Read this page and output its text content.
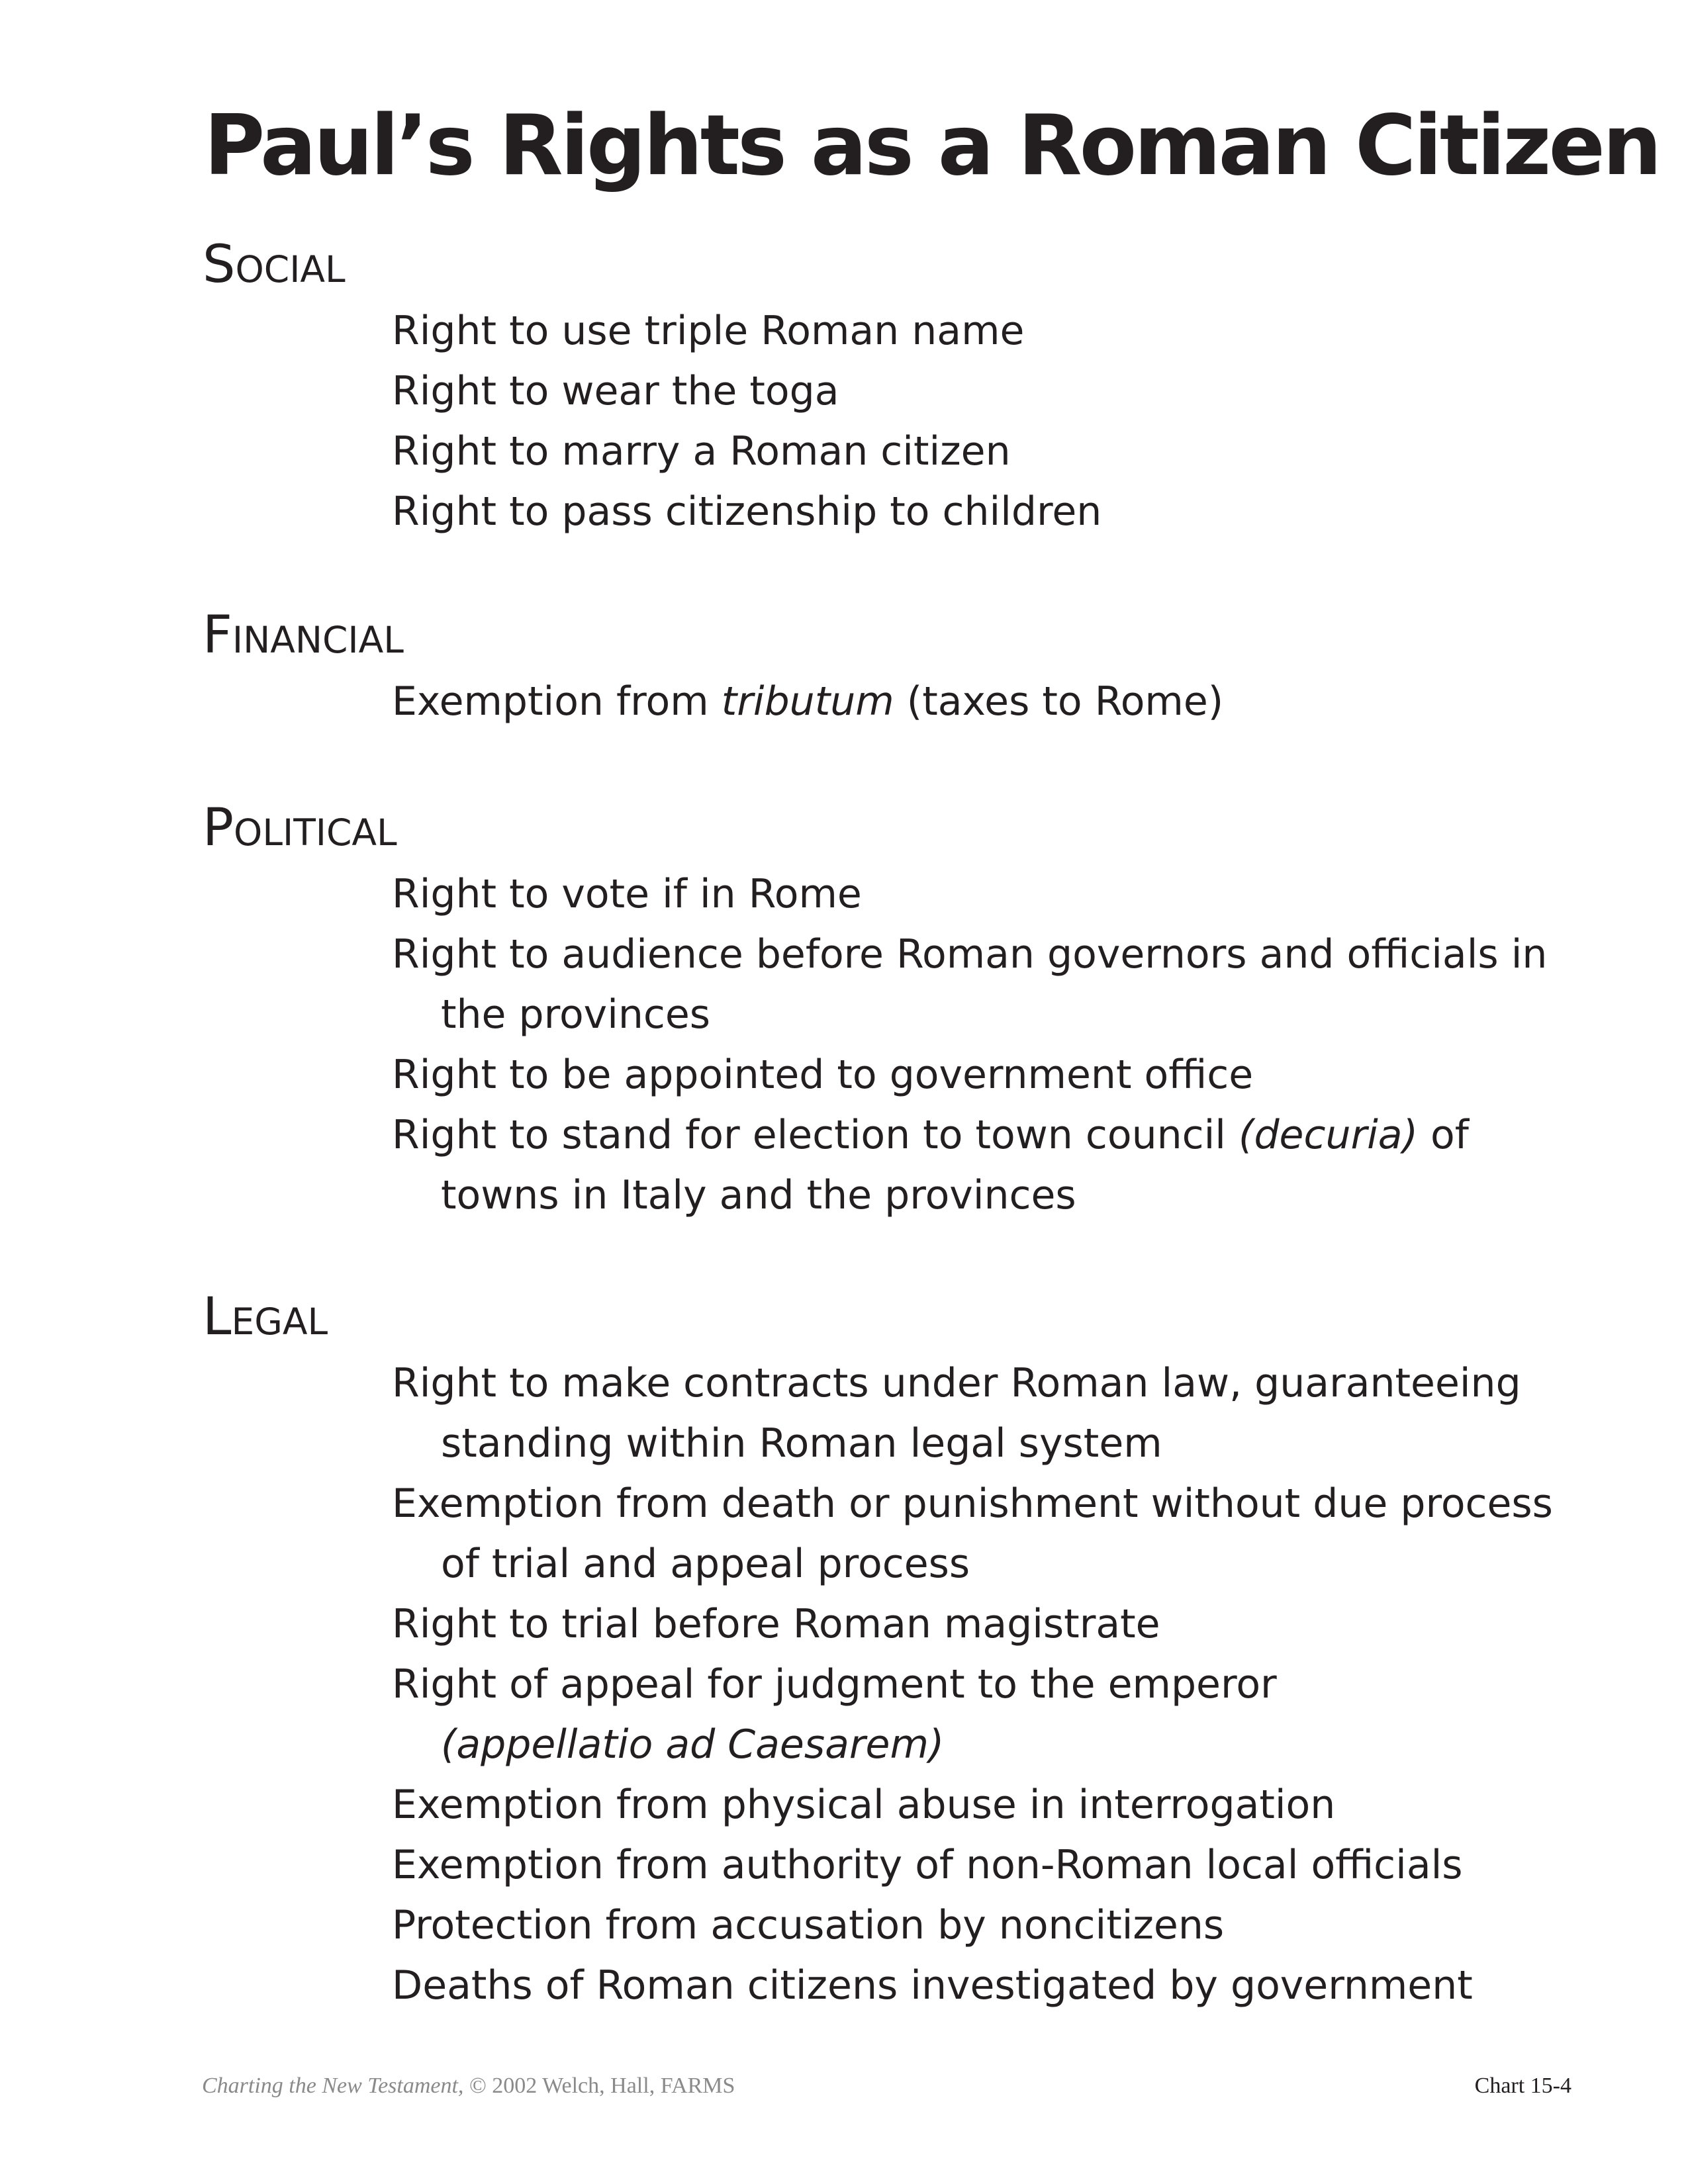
Paul’s Rights as a Roman Citizen
Social
Right to use triple Roman name
Right to wear the toga
Right to marry a Roman citizen
Right to pass citizenship to children
Financial
Exemption from tributum (taxes to Rome)
Political
Right to vote if in Rome
Right to audience before Roman governors and officials in
the provinces
Right to be appointed to government office
Right to stand for election to town council (decuria) of
towns in Italy and the provinces
Legal
Right to make contracts under Roman law, guaranteeing
standing within Roman legal system
Exemption from death or punishment without due process
of trial and appeal process
Right to trial before Roman magistrate
Right of appeal for judgment to the emperor
(appellatio ad Caesarem)
Exemption from physical abuse in interrogation
Exemption from authority of non-Roman local officials
Protection from accusation by noncitizens
Deaths of Roman citizens investigated by government
Charting the New Testament, © 2002 Welch, Hall, FARMS	Chart 15-4
